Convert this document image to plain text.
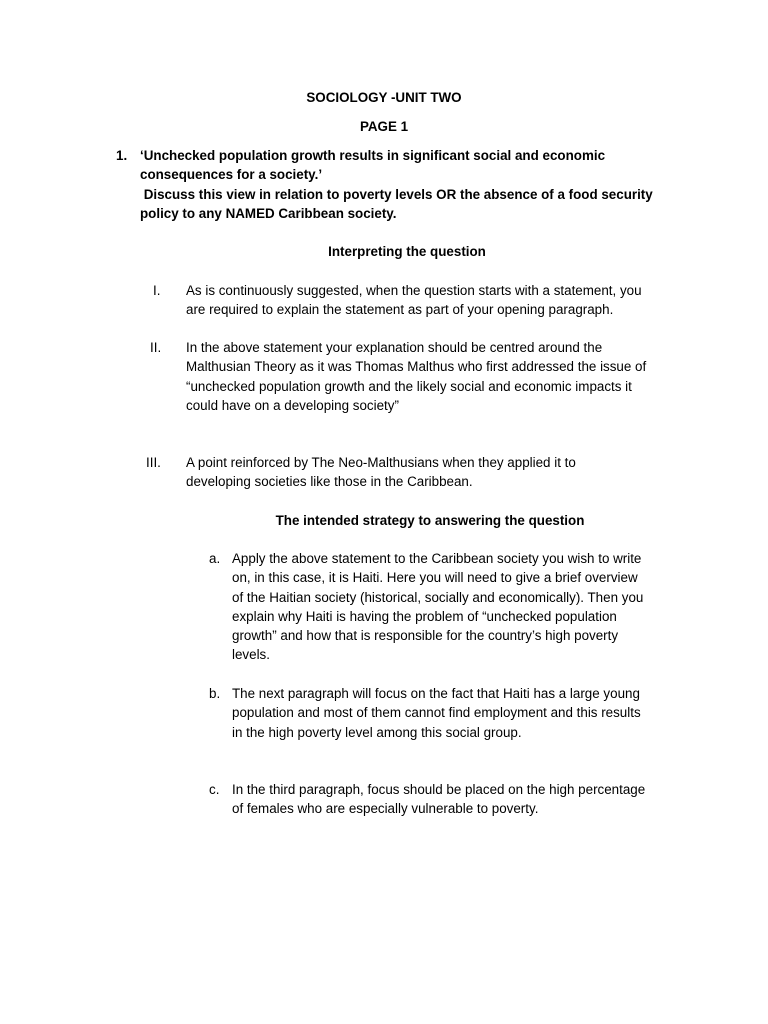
SOCIOLOGY -UNIT TWO
PAGE 1
1. ‘Unchecked population growth results in significant social and economic
consequences for a society.’
Discuss this view in relation to poverty levels OR the absence of a food security
policy to any NAMED Caribbean society.
Interpreting the question
I. As is continuously suggested, when the question starts with a statement, you
are required to explain the statement as part of your opening paragraph.
II. In the above statement your explanation should be centred around the
Malthusian Theory as it was Thomas Malthus who first addressed the issue of
“unchecked population growth and the likely social and economic impacts it
could have on a developing society”
III. A point reinforced by The Neo-Malthusians when they applied it to
developing societies like those in the Caribbean.
The intended strategy to answering the question
a. Apply the above statement to the Caribbean society you wish to write
on, in this case, it is Haiti. Here you will need to give a brief overview
of the Haitian society (historical, socially and economically). Then you
explain why Haiti is having the problem of “unchecked population
growth” and how that is responsible for the country’s high poverty
levels.
b. The next paragraph will focus on the fact that Haiti has a large young
population and most of them cannot find employment and this results
in the high poverty level among this social group.
c. In the third paragraph, focus should be placed on the high percentage
of females who are especially vulnerable to poverty.
